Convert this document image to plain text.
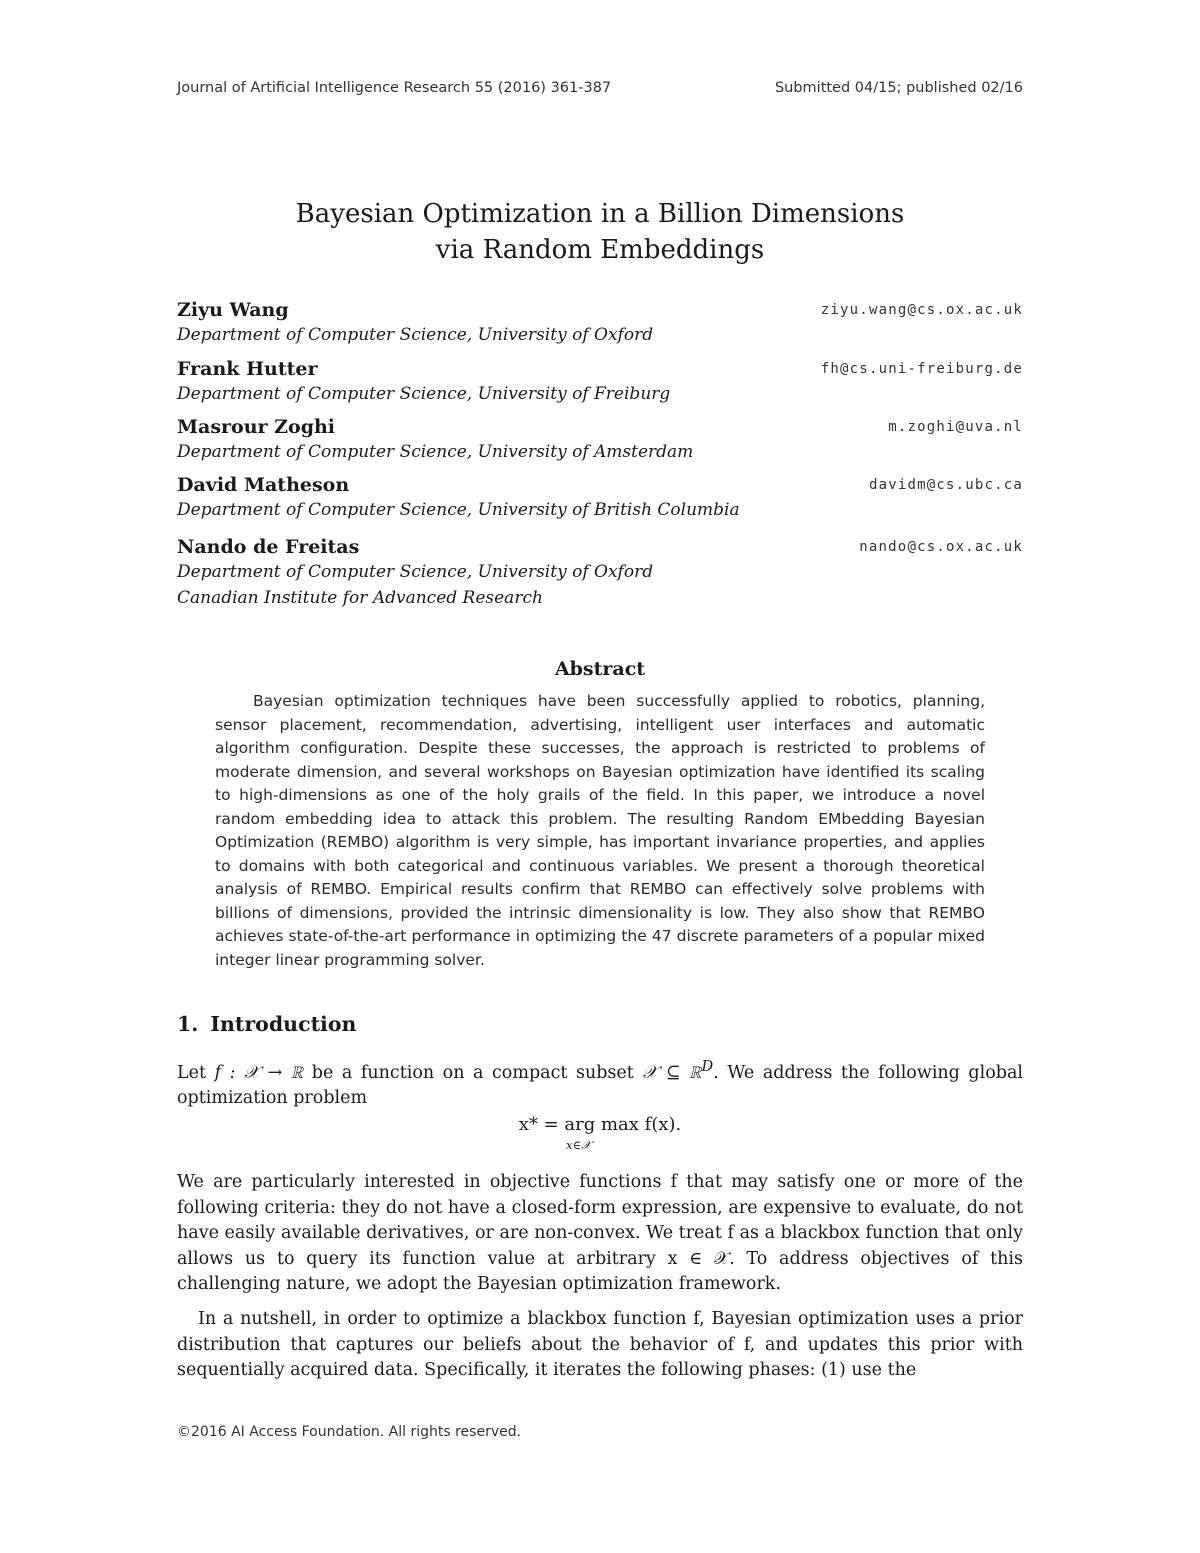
Journal of Artificial Intelligence Research 55 (2016) 361-387	Submitted 04/15; published 02/16
Bayesian Optimization in a Billion Dimensions
via Random Embeddings
Ziyu Wang	ziyu.wang@cs.ox.ac.uk
Department of Computer Science, University of Oxford
Frank Hutter	fh@cs.uni-freiburg.de
Department of Computer Science, University of Freiburg
Masrour Zoghi	m.zoghi@uva.nl
Department of Computer Science, University of Amsterdam
David Matheson	davidm@cs.ubc.ca
Department of Computer Science, University of British Columbia
Nando de Freitas	nando@cs.ox.ac.uk
Department of Computer Science, University of Oxford
Canadian Institute for Advanced Research
Abstract

Bayesian optimization techniques have been successfully applied to robotics, planning, sensor placement, recommendation, advertising, intelligent user interfaces and automatic algorithm configuration. Despite these successes, the approach is restricted to problems of moderate dimension, and several workshops on Bayesian optimization have identified its scaling to high-dimensions as one of the holy grails of the field. In this paper, we introduce a novel random embedding idea to attack this problem. The resulting Random EMbedding Bayesian Optimization (REMBO) algorithm is very simple, has important invariance properties, and applies to domains with both categorical and continuous variables. We present a thorough theoretical analysis of REMBO. Empirical results confirm that REMBO can effectively solve problems with billions of dimensions, provided the intrinsic dimensionality is low. They also show that REMBO achieves state-of-the-art performance in optimizing the 47 discrete parameters of a popular mixed integer linear programming solver.

1. Introduction

Let f : 𝒳 → ℝ be a function on a compact subset 𝒳 ⊆ ℝ$^D$. We address the following global optimization problem

x* = arg max f(x).
x∈𝒳

We are particularly interested in objective functions f that may satisfy one or more of the following criteria: they do not have a closed-form expression, are expensive to evaluate, do not have easily available derivatives, or are non-convex. We treat f as a blackbox function that only allows us to query its function value at arbitrary x ∈ 𝒳. To address objectives of this challenging nature, we adopt the Bayesian optimization framework.

In a nutshell, in order to optimize a blackbox function f, Bayesian optimization uses a prior distribution that captures our beliefs about the behavior of f, and updates this prior with sequentially acquired data. Specifically, it iterates the following phases: (1) use the

©2016 AI Access Foundation. All rights reserved.
